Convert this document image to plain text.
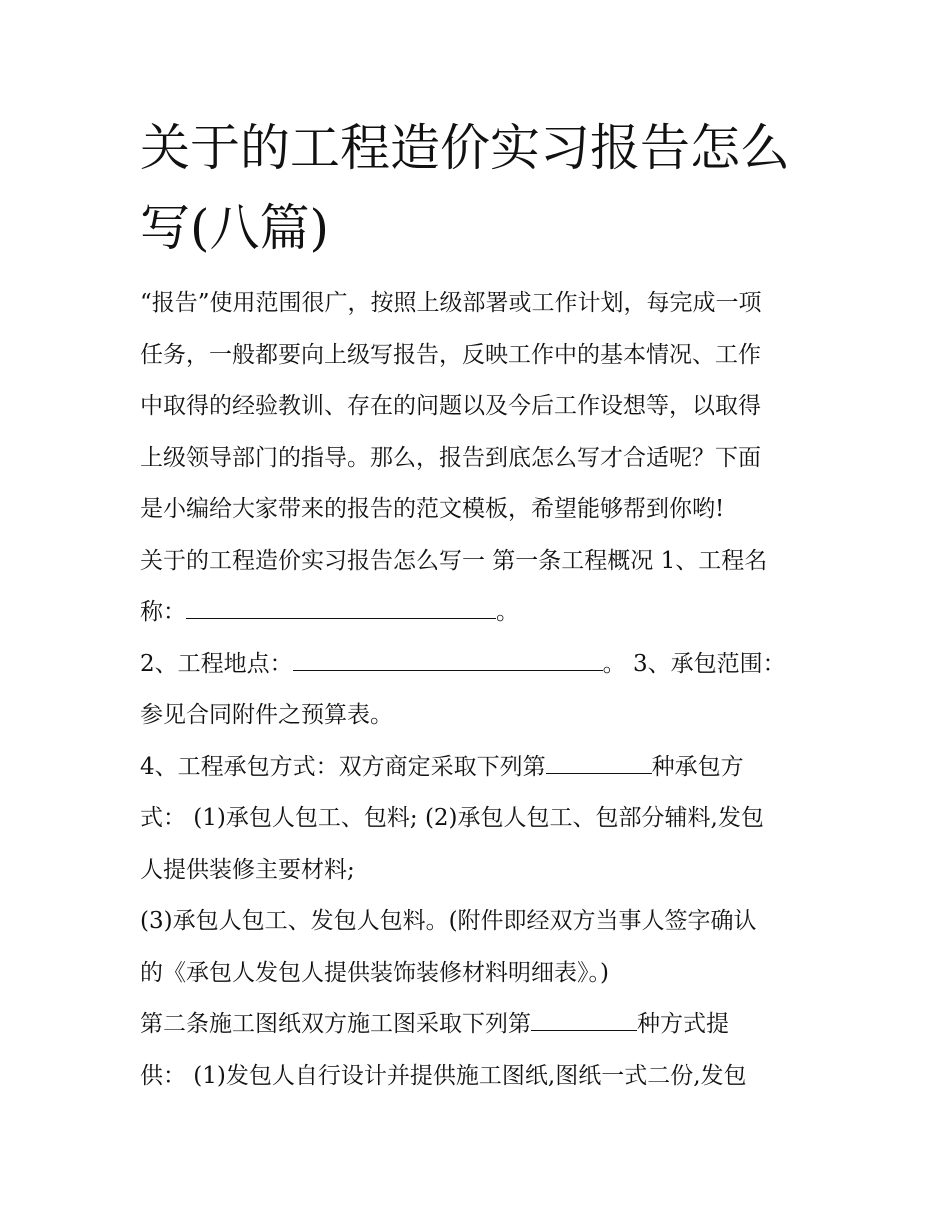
关于的工程造价实习报告怎么
写(八篇)
“报告”使用范围很广，按照上级部署或工作计划，每完成一项
任务，一般都要向上级写报告，反映工作中的基本情况、工作
中取得的经验教训、存在的问题以及今后工作设想等，以取得
上级领导部门的指导。那么，报告到底怎么写才合适呢？下面
是小编给大家带来的报告的范文模板，希望能够帮到你哟!
关于的工程造价实习报告怎么写一 第一条工程概况 1、工程名
称：	。
2、工程地点：	。 3、承包范围：
参见合同附件之预算表。
4、工程承包方式：双方商定采取下列第	种承包方
式： (1)承包人包工、包料; (2)承包人包工、包部分辅料,发包
人提供装修主要材料;
(3)承包人包工、发包人包料。(附件即经双方当事人签字确认
的《承包人发包人提供装饰装修材料明细表》。)
第二条施工图纸双方施工图采取下列第	种方式提
供： (1)发包人自行设计并提供施工图纸,图纸一式二份,发包
